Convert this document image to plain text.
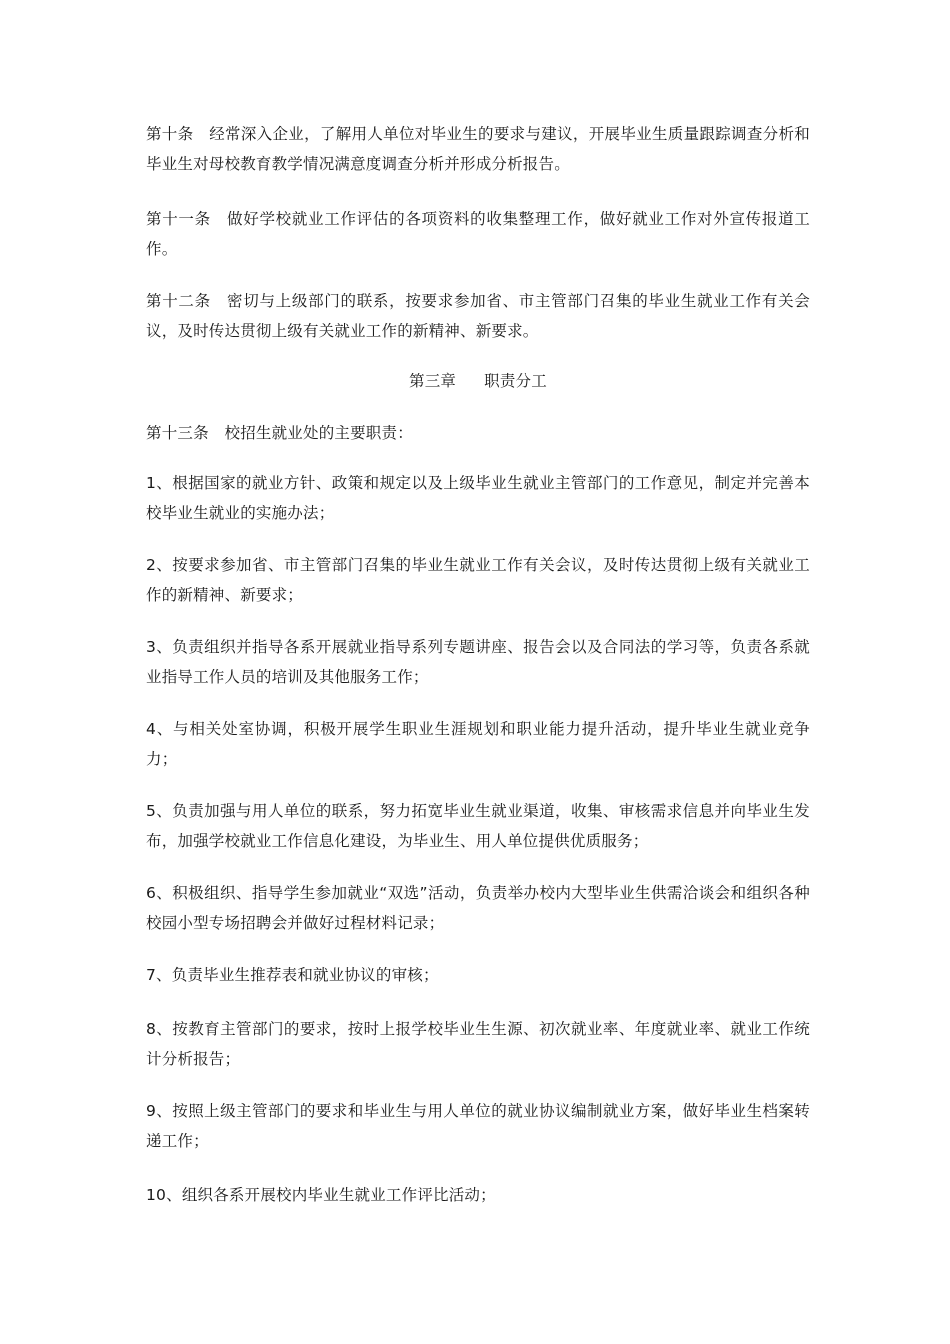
第十条　经常深入企业，了解用人单位对毕业生的要求与建议，开展毕业生质量跟踪调查分析和毕业生对母校教育教学情况满意度调查分析并形成分析报告。

第十一条　做好学校就业工作评估的各项资料的收集整理工作，做好就业工作对外宣传报道工作。

第十二条　密切与上级部门的联系，按要求参加省、市主管部门召集的毕业生就业工作有关会议，及时传达贯彻上级有关就业工作的新精神、新要求。

第三章 职责分工

第十三条　校招生就业处的主要职责：

1、根据国家的就业方针、政策和规定以及上级毕业生就业主管部门的工作意见，制定并完善本校毕业生就业的实施办法；

2、按要求参加省、市主管部门召集的毕业生就业工作有关会议，及时传达贯彻上级有关就业工作的新精神、新要求；

3、负责组织并指导各系开展就业指导系列专题讲座、报告会以及合同法的学习等，负责各系就业指导工作人员的培训及其他服务工作；

4、与相关处室协调，积极开展学生职业生涯规划和职业能力提升活动，提升毕业生就业竞争力；

5、负责加强与用人单位的联系，努力拓宽毕业生就业渠道，收集、审核需求信息并向毕业生发布，加强学校就业工作信息化建设，为毕业生、用人单位提供优质服务；

6、积极组织、指导学生参加就业“双选”活动，负责举办校内大型毕业生供需洽谈会和组织各种校园小型专场招聘会并做好过程材料记录；

7、负责毕业生推荐表和就业协议的审核；

8、按教育主管部门的要求，按时上报学校毕业生生源、初次就业率、年度就业率、就业工作统计分析报告；

9、按照上级主管部门的要求和毕业生与用人单位的就业协议编制就业方案，做好毕业生档案转递工作；

10、组织各系开展校内毕业生就业工作评比活动；
